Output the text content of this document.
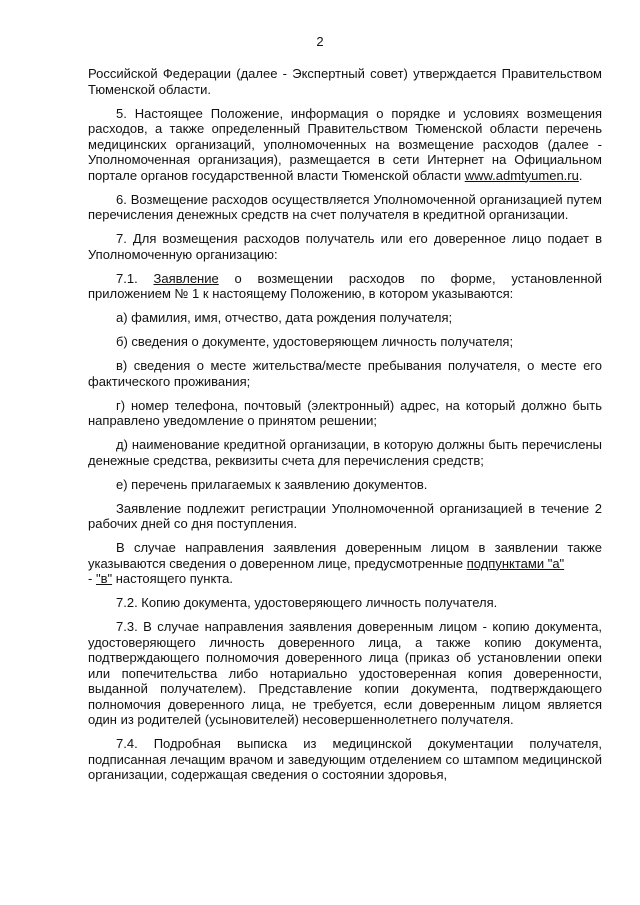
2

Российской Федерации (далее - Экспертный совет) утверждается Правительством Тюменской области.

5. Настоящее Положение, информация о порядке и условиях возмещения расходов, а также определенный Правительством Тюменской области перечень медицинских организаций, уполномоченных на возмещение расходов (далее - Уполномоченная организация), размещается в сети Интернет на Официальном портале органов государственной власти Тюменской области www.admtyumen.ru.

6. Возмещение расходов осуществляется Уполномоченной организацией путем перечисления денежных средств на счет получателя в кредитной организации.

7. Для возмещения расходов получатель или его доверенное лицо подает в Уполномоченную организацию:

7.1. Заявление о возмещении расходов по форме, установленной приложением № 1 к настоящему Положению, в котором указываются:

а) фамилия, имя, отчество, дата рождения получателя;

б) сведения о документе, удостоверяющем личность получателя;

в) сведения о месте жительства/месте пребывания получателя, о месте его фактического проживания;

г) номер телефона, почтовый (электронный) адрес, на который должно быть направлено уведомление о принятом решении;

д) наименование кредитной организации, в которую должны быть перечислены денежные средства, реквизиты счета для перечисления средств;

е) перечень прилагаемых к заявлению документов.

Заявление подлежит регистрации Уполномоченной организацией в течение 2 рабочих дней со дня поступления.

В случае направления заявления доверенным лицом в заявлении также указываются сведения о доверенном лице, предусмотренные подпунктами "а"
- "в" настоящего пункта.

7.2. Копию документа, удостоверяющего личность получателя.

7.3. В случае направления заявления доверенным лицом - копию документа, удостоверяющего личность доверенного лица, а также копию документа, подтверждающего полномочия доверенного лица (приказ об установлении опеки или попечительства либо нотариально удостоверенная копия доверенности, выданной получателем). Представление копии документа, подтверждающего полномочия доверенного лица, не требуется, если доверенным лицом является один из родителей (усыновителей) несовершеннолетнего получателя.

7.4. Подробная выписка из медицинской документации получателя, подписанная лечащим врачом и заведующим отделением со штампом медицинской организации, содержащая сведения о состоянии здоровья,
